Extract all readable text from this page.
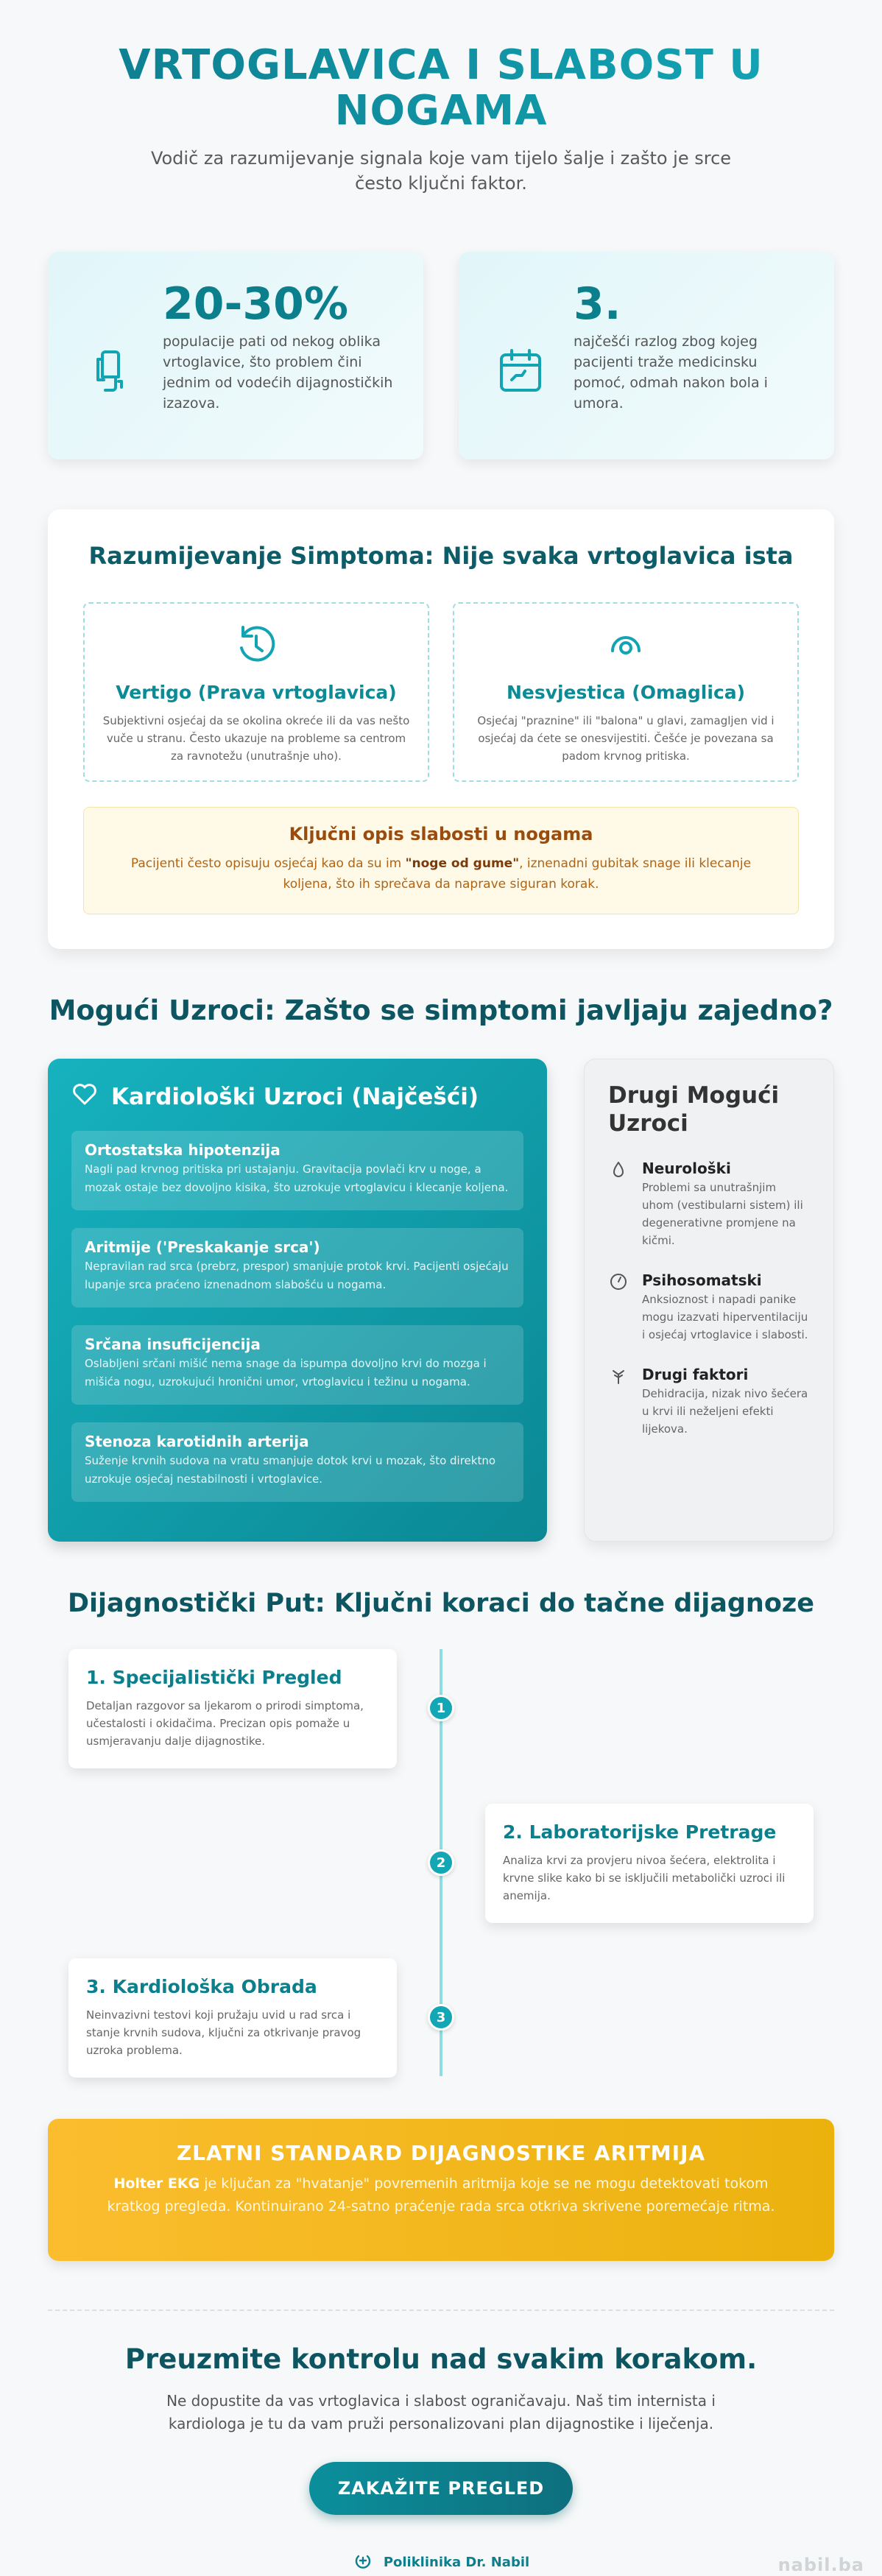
VRTOGLAVICA I SLABOST U NOGAMA

Vodič za razumijevanje signala koje vam tijelo šalje i zašto je srce često ključni faktor.

20-30%
populacije pati od nekog oblika vrtoglavice, što problem čini jednim od vodećih dijagnostičkih izazova.
3.
najčešći razlog zbog kojeg pacijenti traže medicinsku pomoć, odmah nakon bola i umora.
Razumijevanje Simptoma: Nije svaka vrtoglavica ista
Vertigo (Prava vrtoglavica)

Subjektivni osjećaj da se okolina okreće ili da vas nešto vuče u stranu. Često ukazuje na probleme sa centrom za ravnotežu (unutrašnje uho).

Nesvjestica (Omaglica)

Osjećaj "praznine" ili "balona" u glavi, zamagljen vid i osjećaj da ćete se onesvijestiti. Češće je povezana sa padom krvnog pritiska.

Ključni opis slabosti u nogama

Pacijenti često opisuju osjećaj kao da su im "noge od gume", iznenadni gubitak snage ili klecanje koljena, što ih sprečava da naprave siguran korak.

Mogući Uzroci: Zašto se simptomi javljaju zajedno?
Kardiološki Uzroci (Najčešći)
Ortostatska hipotenzija

Nagli pad krvnog pritiska pri ustajanju. Gravitacija povlači krv u noge, a mozak ostaje bez dovoljno kisika, što uzrokuje vrtoglavicu i klecanje koljena.

Aritmije ('Preskakanje srca')

Nepravilan rad srca (prebrz, prespor) smanjuje protok krvi. Pacijenti osjećaju lupanje srca praćeno iznenadnom slabošću u nogama.

Srčana insuficijencija

Oslabljeni srčani mišić nema snage da ispumpa dovoljno krvi do mozga i mišića nogu, uzrokujući hronični umor, vrtoglavicu i težinu u nogama.

Stenoza karotidnih arterija

Suženje krvnih sudova na vratu smanjuje dotok krvi u mozak, što direktno uzrokuje osjećaj nestabilnosti i vrtoglavice.

Drugi Mogući Uzroci
Neurološki

Problemi sa unutrašnjim uhom (vestibularni sistem) ili degenerativne promjene na kičmi.

Psihosomatski

Anksioznost i napadi panike mogu izazvati hiperventilaciju i osjećaj vrtoglavice i slabosti.

Drugi faktori

Dehidracija, nizak nivo šećera u krvi ili neželjeni efekti lijekova.

Dijagnostički Put: Ključni koraci do tačne dijagnoze
1. Specijalistički Pregled

Detaljan razgovor sa ljekarom o prirodi simptoma, učestalosti i okidačima. Precizan opis pomaže u usmjeravanju dalje dijagnostike.

1
2. Laboratorijske Pretrage

Analiza krvi za provjeru nivoa šećera, elektrolita i krvne slike kako bi se isključili metabolički uzroci ili anemija.

2
3. Kardiološka Obrada

Neinvazivni testovi koji pružaju uvid u rad srca i stanje krvnih sudova, ključni za otkrivanje pravog uzroka problema.

3
ZLATNI STANDARD DIJAGNOSTIKE ARITMIJA

Holter EKG je ključan za "hvatanje" povremenih aritmija koje se ne mogu detektovati tokom kratkog pregleda. Kontinuirano 24-satno praćenje rada srca otkriva skrivene poremećaje ritma.

Preuzmite kontrolu nad svakim korakom.

Ne dopustite da vas vrtoglavica i slabost ograničavaju. Naš tim internista i kardiologa je tu da vam pruži personalizovani plan dijagnostike i liječenja.

ZAKAŽITE PREGLED
Poliklinika Dr. Nabil	nabil.ba
